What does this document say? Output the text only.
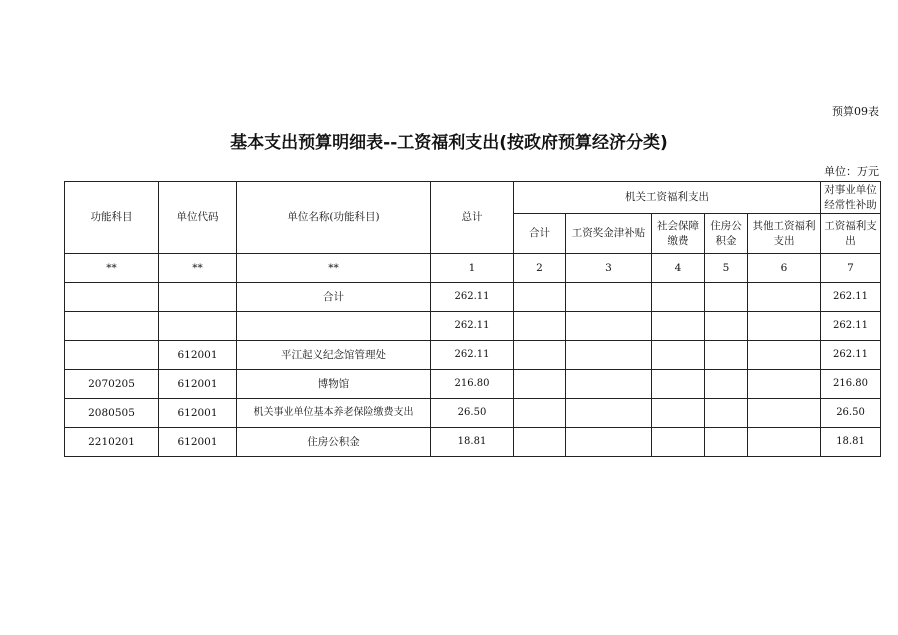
预算09表
基本支出预算明细表--工资福利支出(按政府预算经济分类)
单位：万元
功能科目	单位代码	单位名称(功能科目)	总计	机关工资福利支出					对事业单位经常性补助
				合计	工资奖金津补贴	社会保障缴费	住房公积金	其他工资福利支出	工资福利支出
**	**	**	1	2	3	4	5	6	7
		合计	262.11						262.11
			262.11						262.11
	612001	平江起义纪念馆管理处	262.11						262.11
2070205	612001	博物馆	216.80						216.80
2080505	612001	机关事业单位基本养老保险缴费支出	26.50						26.50
2210201	612001	住房公积金	18.81						18.81
